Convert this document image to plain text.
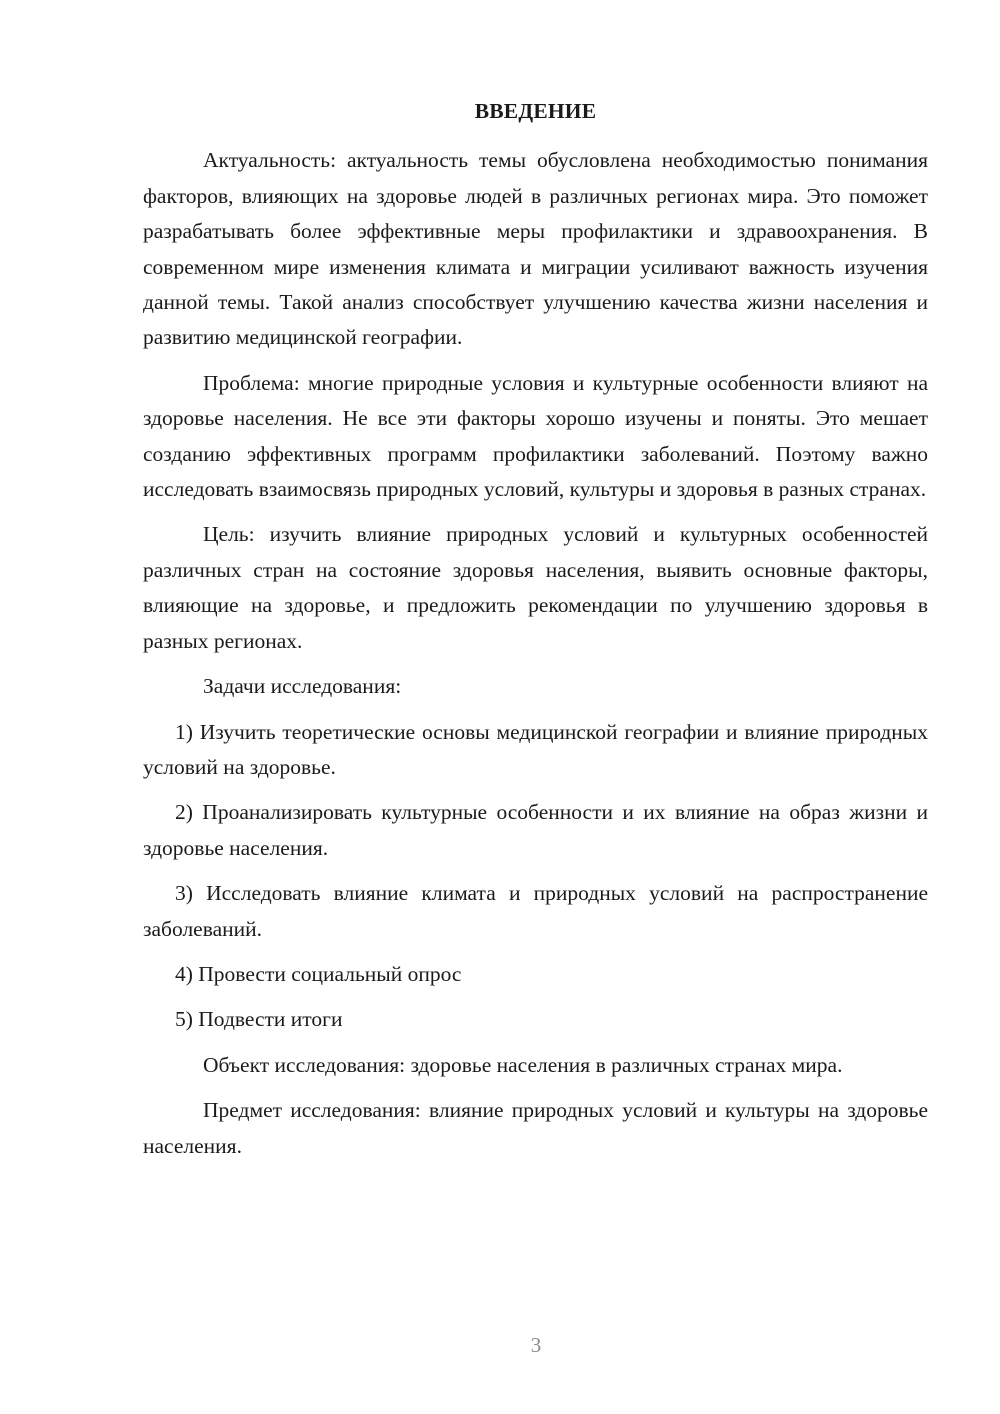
ВВЕДЕНИЕ

Актуальность: актуальность темы обусловлена необходимостью понимания факторов, влияющих на здоровье людей в различных регионах мира. Это поможет разрабатывать более эффективные меры профилактики и здравоохранения. В современном мире изменения климата и миграции усиливают важность изучения данной темы. Такой анализ способствует улучшению качества жизни населения и развитию медицинской географии.

Проблема: многие природные условия и культурные особенности влияют на здоровье населения. Не все эти факторы хорошо изучены и поняты. Это мешает созданию эффективных программ профилактики заболеваний. Поэтому важно исследовать взаимосвязь природных условий, культуры и здоровья в разных странах.

Цель: изучить влияние природных условий и культурных особенностей различных стран на состояние здоровья населения, выявить основные факторы, влияющие на здоровье, и предложить рекомендации по улучшению здоровья в разных регионах.

Задачи исследования:

1) Изучить теоретические основы медицинской географии и влияние природных условий на здоровье.

2) Проанализировать культурные особенности и их влияние на образ жизни и здоровье населения.

3) Исследовать влияние климата и природных условий на распространение заболеваний.

4) Провести социальный опрос

5) Подвести итоги

Объект исследования: здоровье населения в различных странах мира.

Предмет исследования: влияние природных условий и культуры на здоровье населения.

3
